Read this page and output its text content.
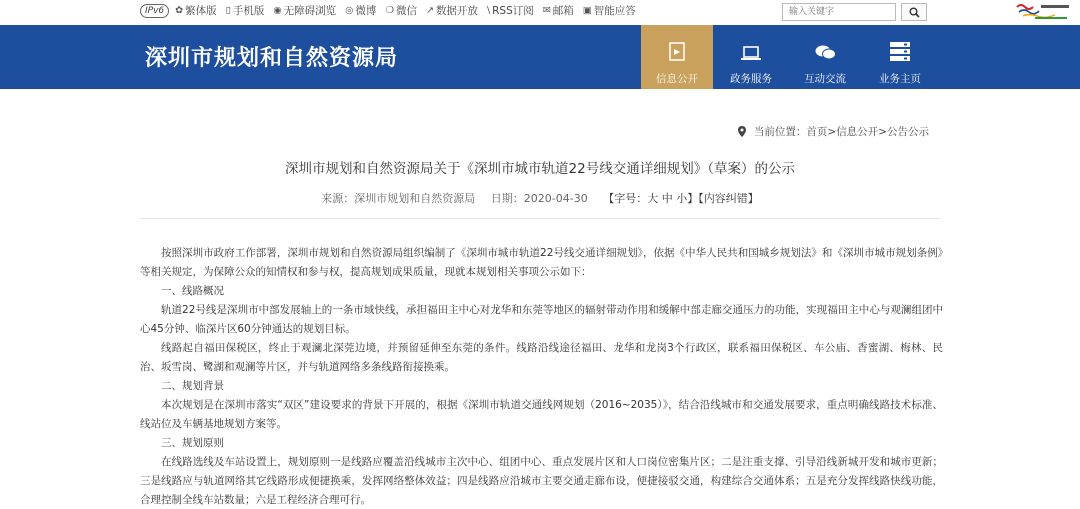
IPv6	✿ 繁体版 ▯ 手机版 ◉ 无障碍浏览 ◎ 微博 ❍ 微信 ↗ 数据开放 \ RSS订阅 ✉ 邮箱 ▣ 智能应答
输入关键字
深圳市规划和自然资源局
信息公开	政务服务	互动交流	业务主页
当前位置： 首页 > 信息公开 > 公告公示
深圳市规划和自然资源局关于《深圳市城市轨道22号线交通详细规划》（草案）的公示
来源：深圳市规划和自然资源局 日期：2020-04-30 【字号：大 中 小】【内容纠错】

按照深圳市政府工作部署，深圳市规划和自然资源局组织编制了《深圳市城市轨道22号线交通详细规划》，依据《中华人民共和国城乡规划法》和《深圳市城市规划条例》等相关规定，为保障公众的知情权和参与权，提高规划成果质量，现就本规划相关事项公示如下：

一、线路概况

轨道22号线是深圳市中部发展轴上的一条市域快线，承担福田主中心对龙华和东莞等地区的辐射带动作用和缓解中部走廊交通压力的功能，实现福田主中心与观澜组团中心45分钟、临深片区60分钟通达的规划目标。

线路起自福田保税区，终止于观澜北深莞边境，并预留延伸至东莞的条件。线路沿线途径福田、龙华和龙岗3个行政区，联系福田保税区、车公庙、香蜜湖、梅林、民治、坂雪岗、鹭湖和观澜等片区，并与轨道网络多条线路衔接换乘。

二、规划背景

本次规划是在深圳市落实“双区”建设要求的背景下开展的，根据《深圳市轨道交通线网规划（2016~2035）》，结合沿线城市和交通发展要求，重点明确线路技术标准、线站位及车辆基地规划方案等。

三、规划原则

在线路选线及车站设置上，规划原则一是线路应覆盖沿线城市主次中心、组团中心、重点发展片区和人口岗位密集片区；二是注重支撑、引导沿线新城开发和城市更新；三是线路应与轨道网络其它线路形成便捷换乘，发挥网络整体效益；四是线路应沿城市主要交通走廊布设，便捷接驳交通，构建综合交通体系；五是充分发挥线路快线功能，合理控制全线车站数量；六是工程经济合理可行。
